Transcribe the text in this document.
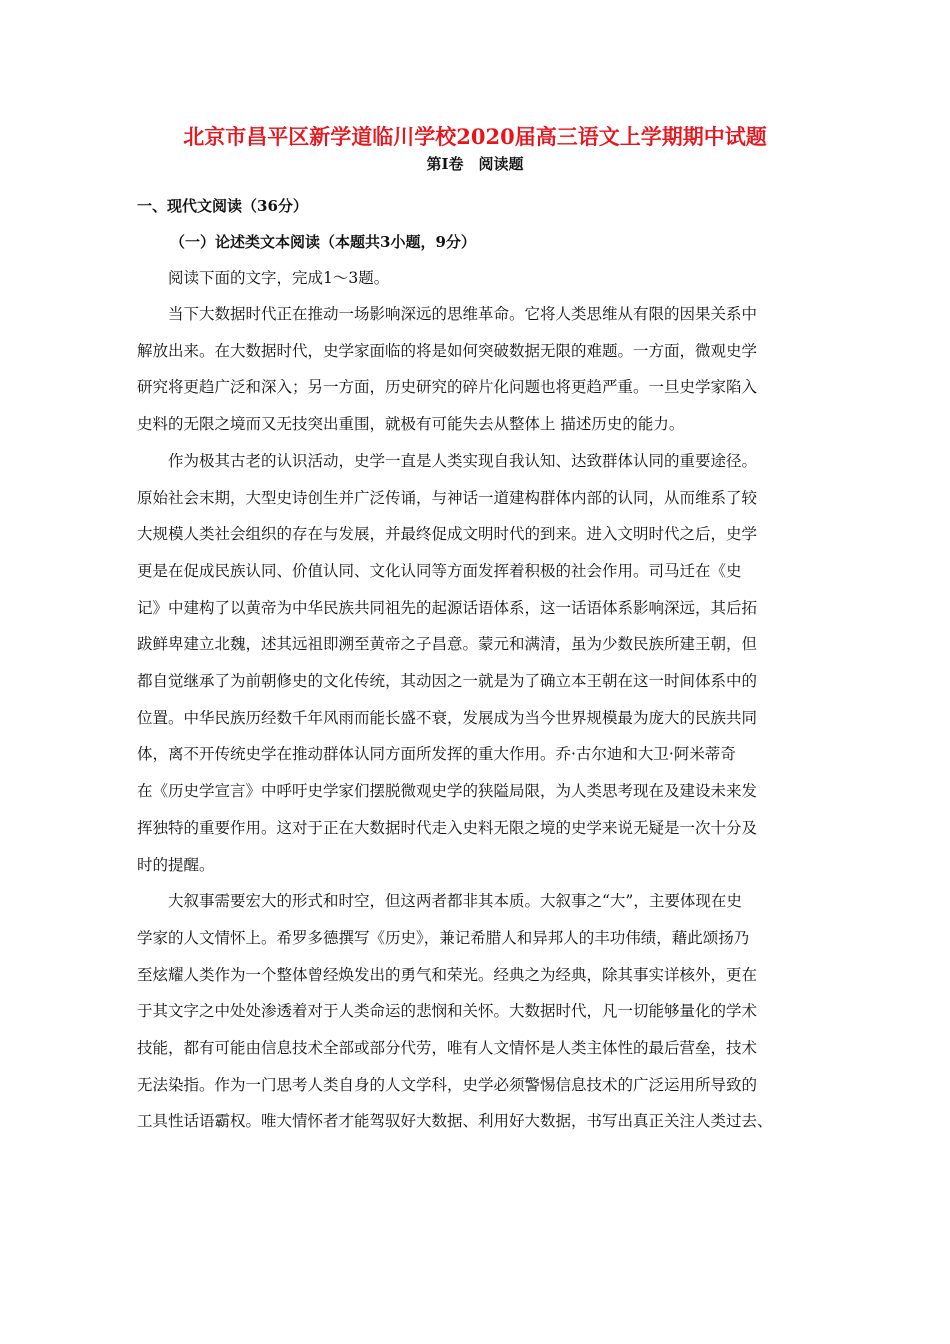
北京市昌平区新学道临川学校2020届高三语文上学期期中试题
第Ⅰ卷　阅读题
一、现代文阅读（36分）
（一）论述类文本阅读（本题共3小题，9分）

阅读下面的文字，完成1～3题。

当下大数据时代正在推动一场影响深远的思维革命。它将人类思维从有限的因果关系中

解放出来。在大数据时代，史学家面临的将是如何突破数据无限的难题。一方面，微观史学

研究将更趋广泛和深入；另一方面，历史研究的碎片化问题也将更趋严重。一旦史学家陷入

史料的无限之境而又无技突出重围，就极有可能失去从整体上 描述历史的能力。

作为极其古老的认识活动，史学一直是人类实现自我认知、达致群体认同的重要途径。

原始社会末期，大型史诗创生并广泛传诵，与神话一道建构群体内部的认同，从而维系了较

大规模人类社会组织的存在与发展，并最终促成文明时代的到来。进入文明时代之后，史学

更是在促成民族认同、价值认同、文化认同等方面发挥着积极的社会作用。司马迁在《史

记》中建构了以黄帝为中华民族共同祖先的起源话语体系，这一话语体系影响深远，其后拓

跋鲜卑建立北魏，述其远祖即溯至黄帝之子昌意。蒙元和满清，虽为少数民族所建王朝，但

都自觉继承了为前朝修史的文化传统，其动因之一就是为了确立本王朝在这一时间体系中的

位置。中华民族历经数千年风雨而能长盛不衰，发展成为当今世界规模最为庞大的民族共同

体，离不开传统史学在推动群体认同方面所发挥的重大作用。乔·古尔迪和大卫·阿米蒂奇

在《历史学宣言》中呼吁史学家们摆脱微观史学的狭隘局限，为人类思考现在及建设未来发

挥独特的重要作用。这对于正在大数据时代走入史料无限之境的史学来说无疑是一次十分及

时的提醒。

大叙事需要宏大的形式和时空，但这两者都非其本质。大叙事之“大”，主要体现在史

学家的人文情怀上。希罗多德撰写《历史》，兼记希腊人和异邦人的丰功伟绩，藉此颂扬乃

至炫耀人类作为一个整体曾经焕发出的勇气和荣光。经典之为经典，除其事实详核外，更在

于其文字之中处处渗透着对于人类命运的悲悯和关怀。大数据时代，凡一切能够量化的学术

技能，都有可能由信息技术全部或部分代劳，唯有人文情怀是人类主体性的最后营垒，技术

无法染指。作为一门思考人类自身的人文学科，史学必须警惕信息技术的广泛运用所导致的

工具性话语霸权。唯大情怀者才能驾驭好大数据、利用好大数据，书写出真正关注人类过去、
